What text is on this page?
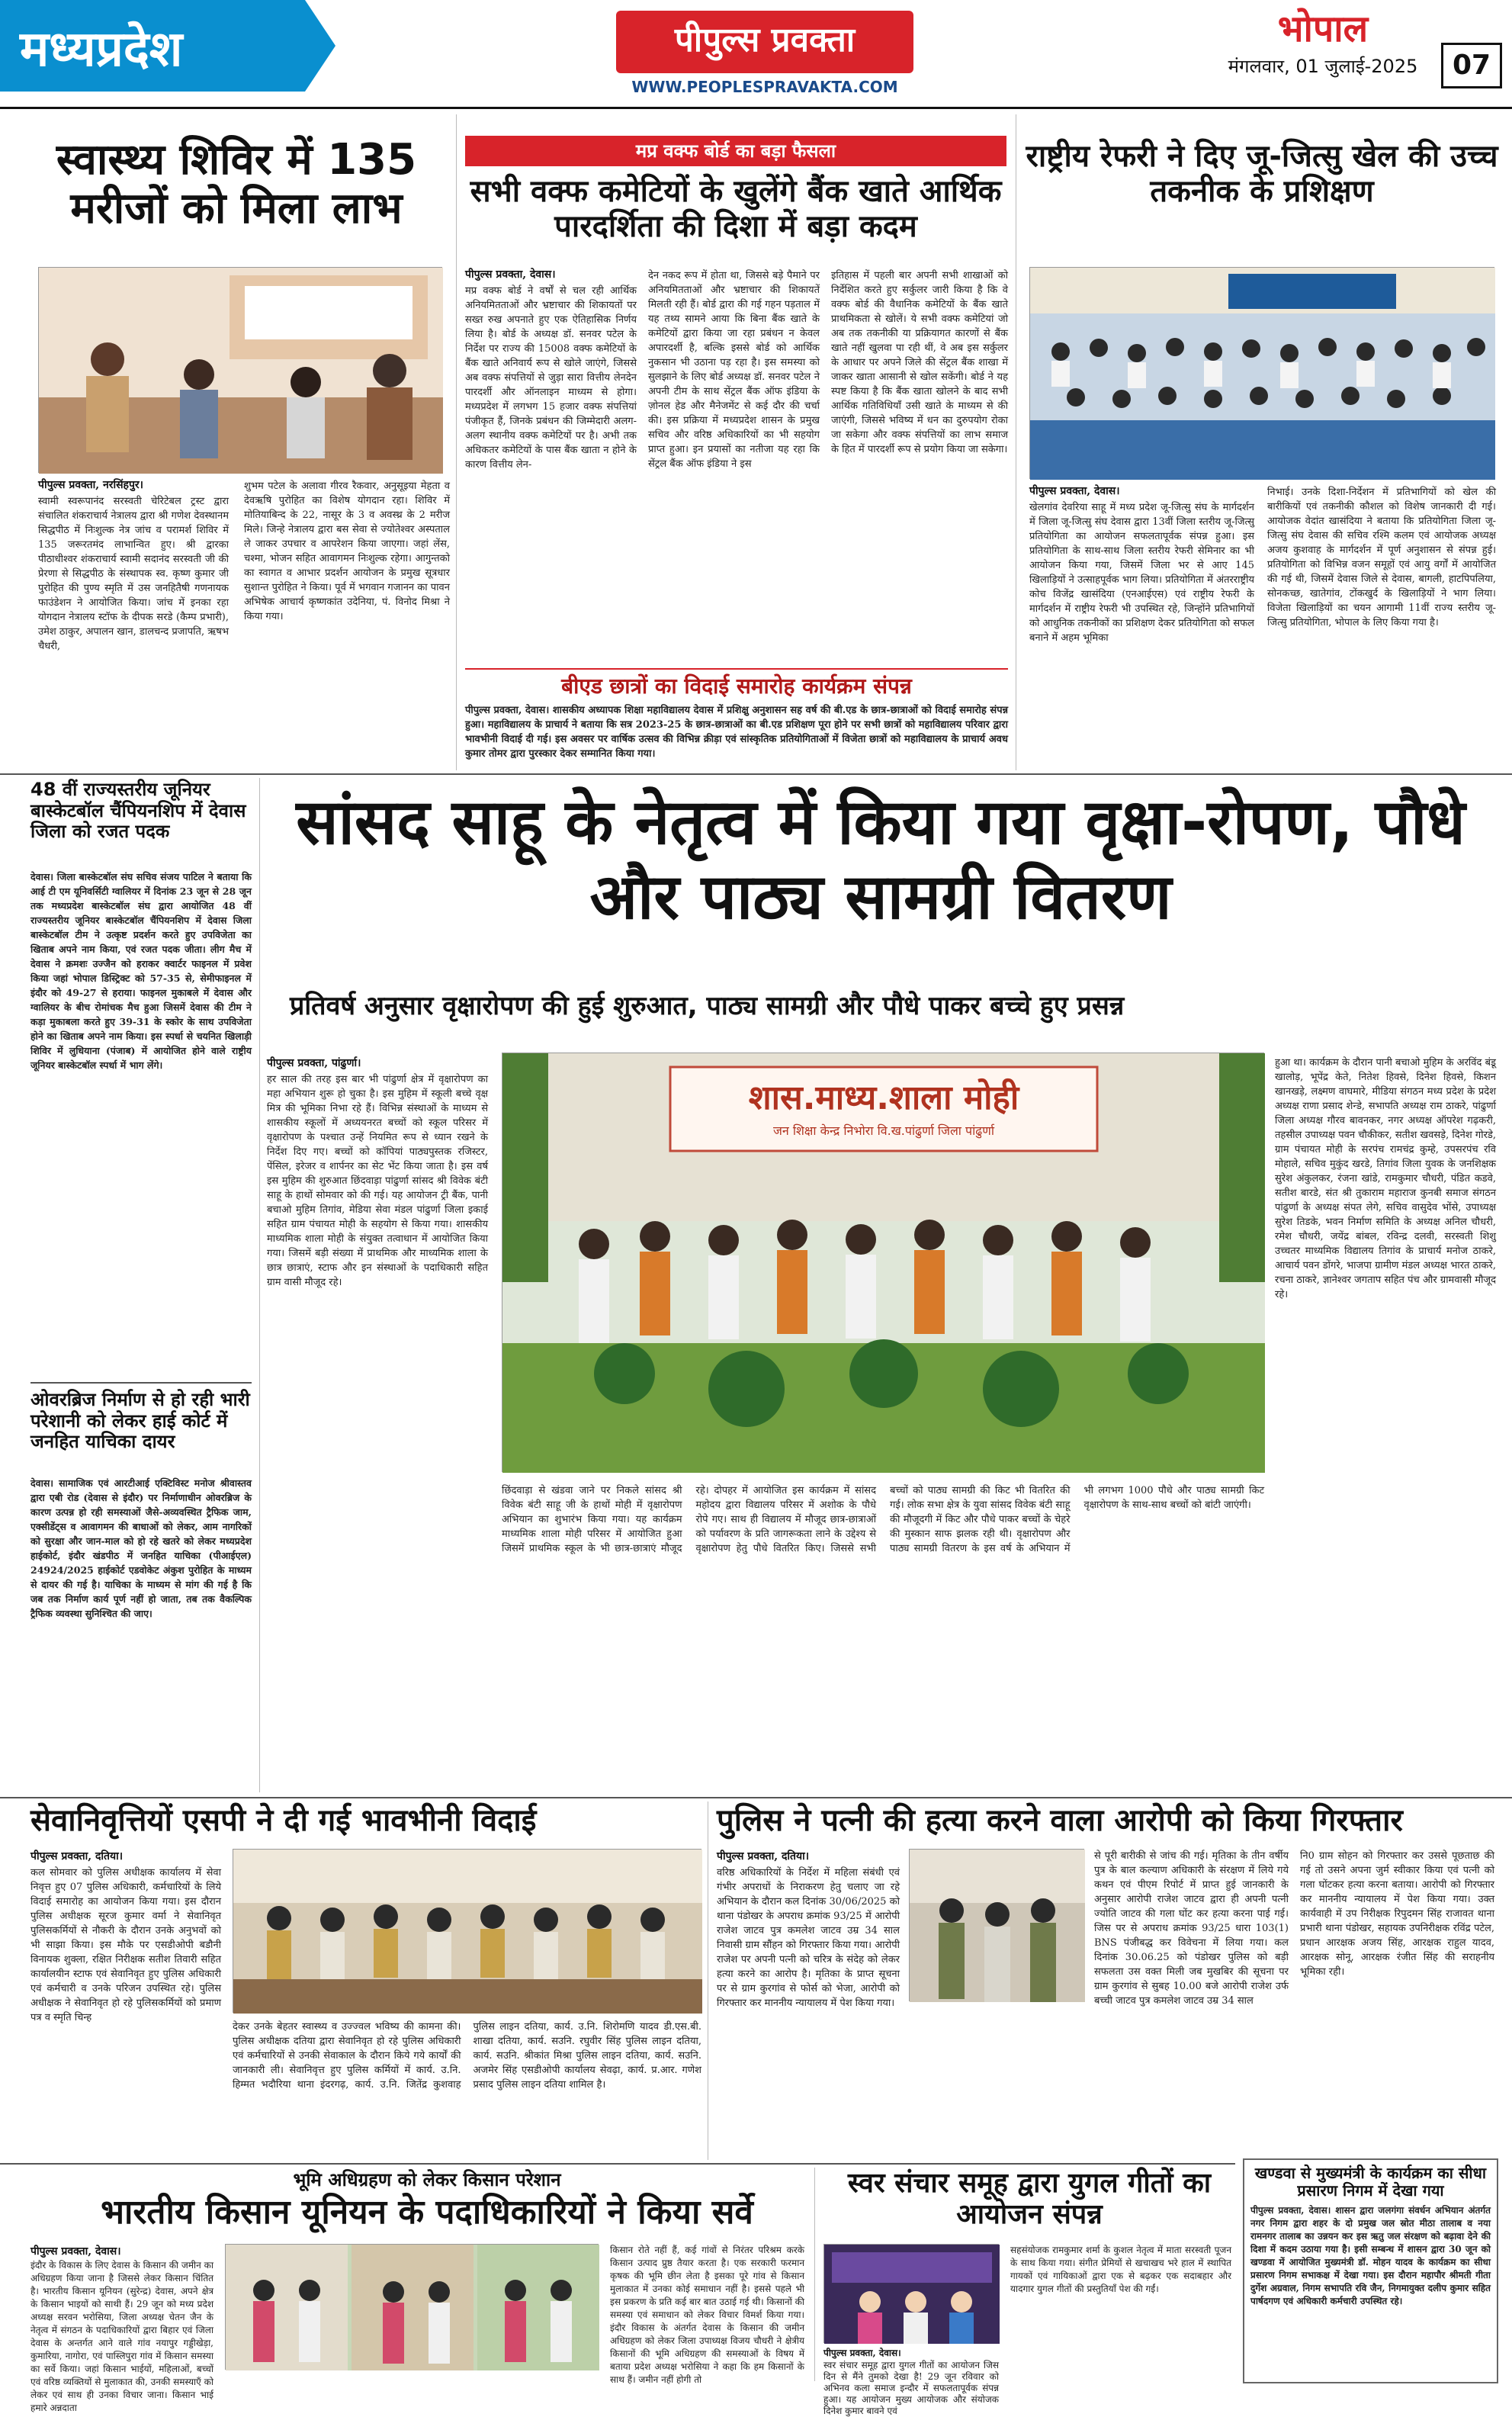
मध्यप्रदेश	पीपुल्स प्रवक्ता
WWW.PEOPLESPRAVAKTA.COM
भोपाल
मंगलवार, 01 जुलाई-2025	07
स्वास्थ्य शिविर में 135 मरीजों को मिला लाभ
पीपुल्स प्रवक्ता, नरसिंहपुर।
स्वामी स्वरूपानंद सरस्वती चेरिटेबल ट्रस्ट द्वारा संचालित शंकराचार्य नेत्रालय द्वारा श्री गणेश देवस्थानम सिद्धपीठ में निःशुल्क नेत्र जांच व परामर्श शिविर में 135 जरूरतमंद लाभान्वित हुए। श्री द्वारका पीठाधीश्वर शंकराचार्य स्वामी सदानंद सरस्वती जी की प्रेरणा से सिद्धपीठ के संस्थापक स्व. कृष्ण कुमार जी पुरोहित की पुण्य स्मृति में उस जनहितैषी गणनायक फाउंडेशन ने आयोजित किया। जांच में इनका रहा योगदान नेत्रालय स्टॉफ के दीपक सरडे (कैम्प प्रभारी), उमेश ठाकुर, अपालन खान, डालचन्द प्रजापति, ऋषभ चैधरी,
शुभम पटेल के अलावा गीरव रैकवार, अनुसूइया मेहता व देवऋषि पुरोहित का विशेष योगदान रहा। शिविर में मोतियाबिन्द के 22, नासूर के 3 व अवस्थ्र के 2 मरीज मिले। जिन्हे नेत्रालय द्वारा बस सेवा से ज्योतेश्वर अस्पताल ले जाकर उपचार व आपरेशन किया जाएगा। जहां लेंस, चश्मा, भोजन सहित आवागमन निःशुल्क रहेगा। आगुन्तको का स्वागत व आभार प्रदर्शन आयोजन के प्रमुख सूत्रधार सुशान्त पुरोहित ने किया। पूर्व में भगवान गजानन का पावन अभिषेक आचार्य कृष्णकांत उदेनिया, पं. विनोद मिश्रा ने किया गया।
मप्र वक्फ बोर्ड का बड़ा फैसला
सभी वक्फ कमेटियों के खुलेंगे बैंक खाते आर्थिक पारदर्शिता की दिशा में बड़ा कदम
पीपुल्स प्रवक्ता, देवास।
मप्र वक्फ बोर्ड ने वर्षों से चल रही आर्थिक अनियमितताओं और भ्रष्टाचार की शिकायतों पर सख्त रुख अपनाते हुए एक ऐतिहासिक निर्णय लिया है। बोर्ड के अध्यक्ष डॉ. सनवर पटेल के निर्देश पर राज्य की 15008 वक्फ कमेटियों के बैंक खाते अनिवार्य रूप से खोले जाएंगे, जिससे अब वक्फ संपत्तियों से जुड़ा सारा वित्तीय लेनदेन पारदर्शी और ऑनलाइन माध्यम से होगा। मध्यप्रदेश में लगभग 15 हजार वक्फ संपत्तियां पंजीकृत हैं, जिनके प्रबंधन की जिम्मेदारी अलग-अलग स्थानीय वक्फ कमेटियों पर है। अभी तक अधिकतर कमेटियों के पास बैंक खाता न होने के कारण वित्तीय लेन-
देन नकद रूप में होता था, जिससे बड़े पैमाने पर अनियमितताओं और भ्रष्टाचार की शिकायतें मिलती रही हैं। बोर्ड द्वारा की गई गहन पड़ताल में यह तथ्य सामने आया कि बिना बैंक खाते के कमेटियों द्वारा किया जा रहा प्रबंधन न केवल अपारदर्शी है, बल्कि इससे बोर्ड को आर्थिक नुकसान भी उठाना पड़ रहा है। इस समस्या को सुलझाने के लिए बोर्ड अध्यक्ष डॉ. सनवर पटेल ने अपनी टीम के साथ सेंट्रल बैंक ऑफ इंडिया के ज़ोनल हेड और मैनेजमेंट से कई दौर की चर्चा की। इस प्रक्रिया में मध्यप्रदेश शासन के प्रमुख सचिव और वरिष्ठ अधिकारियों का भी सहयोग प्राप्त हुआ। इन प्रयासों का नतीजा यह रहा कि सेंट्रल बैंक ऑफ इंडिया ने इस
इतिहास में पहली बार अपनी सभी शाखाओं को निर्देशित करते हुए सर्कुलर जारी किया है कि वे वक्फ बोर्ड की वैधानिक कमेटियों के बैंक खाते प्राथमिकता से खोलें। ये सभी वक्फ कमेटियां जो अब तक तकनीकी या प्रक्रियागत कारणों से बैंक खाते नहीं खुलवा पा रही थीं, वे अब इस सर्कुलर के आधार पर अपने जिले की सेंट्रल बैंक शाखा में जाकर खाता आसानी से खोल सकेंगी। बोर्ड ने यह स्पष्ट किया है कि बैंक खाता खोलने के बाद सभी आर्थिक गतिविधियाँ उसी खाते के माध्यम से की जाएंगी, जिससे भविष्य में धन का दुरुपयोग रोका जा सकेगा और वक्फ संपत्तियों का लाभ समाज के हित में पारदर्शी रूप से प्रयोग किया जा सकेगा।
बीएड छात्रों का विदाई समारोह कार्यक्रम संपन्न
पीपुल्स प्रवक्ता, देवास। शासकीय अध्यापक शिक्षा महाविद्यालय देवास में प्रशिक्षु अनुशासन सह वर्ष की बी.एड के छात्र-छात्राओं को विदाई समारोह संपन्न हुआ। महाविद्यालय के प्राचार्य ने बताया कि सत्र 2023-25 के छात्र-छात्राओं का बी.एड प्रशिक्षण पूरा होने पर सभी छात्रों को महाविद्यालय परिवार द्वारा भावभीनी विदाई दी गई। इस अवसर पर वार्षिक उत्सव की विभिन्न क्रीड़ा एवं सांस्कृतिक प्रतियोगिताओं में विजेता छात्रों को महाविद्यालय के प्राचार्य अवध कुमार तोमर द्वारा पुरस्कार देकर सम्मानित किया गया।
राष्ट्रीय रेफरी ने दिए जू-जित्सु खेल की उच्च तकनीक के प्रशिक्षण
पीपुल्स प्रवक्ता, देवास।
खेलगांव देवरिया साहू में मध्य प्रदेश जू-जित्सु संघ के मार्गदर्शन में जिला जू-जित्सु संघ देवास द्वारा 13वीं जिला स्तरीय जू-जित्सु प्रतियोगिता का आयोजन सफलतापूर्वक संपन्न हुआ। इस प्रतियोगिता के साथ-साथ जिला स्तरीय रेफरी सेमिनार का भी आयोजन किया गया, जिसमें जिला भर से आए 145 खिलाड़ियों ने उत्साहपूर्वक भाग लिया। प्रतियोगिता में अंतरराष्ट्रीय कोच विजेंद्र खासंदिया (एनआईएस) एवं राष्ट्रीय रेफरी के मार्गदर्शन में राष्ट्रीय रेफरी भी उपस्थित रहे, जिन्होंने प्रतिभागियों को आधुनिक तकनीकों का प्रशिक्षण देकर प्रतियोगिता को सफल बनाने में अहम भूमिका
निभाई। उनके दिशा-निर्देशन में प्रतिभागियों को खेल की बारीकियों एवं तकनीकी कौशल को विशेष जानकारी दी गई। आयोजक वेदांत खासंदिया ने बताया कि प्रतियोगिता जिला जू-जित्सु संघ देवास की सचिव रश्मि कलम एवं आयोजक अध्यक्ष अजय कुशवाह के मार्गदर्शन में पूर्ण अनुशासन से संपन्न हुई। प्रतियोगिता को विभिन्न वजन समूहों एवं आयु वर्गों में आयोजित की गई थी, जिसमें देवास जिले से देवास, बागली, हाटपिपलिया, सोनकच्छ, खातेगांव, टोंकखुर्द के खिलाड़ियों ने भाग लिया। विजेता खिलाड़ियों का चयन आगामी 11वीं राज्य स्तरीय जू-जित्सु प्रतियोगिता, भोपाल के लिए किया गया है।
48 वीं राज्यस्तरीय जूनियर बास्केटबॉल चैंपियनशिप में देवास जिला को रजत पदक
देवास। जिला बास्केटबॉल संघ सचिव संजय पाटिल ने बताया कि आई टी एम यूनिवर्सिटी ग्वालियर में दिनांक 23 जून से 28 जून तक मध्यप्रदेश बास्केटबॉल संघ द्वारा आयोजित 48 वीं राज्यस्तरीय जूनियर बास्केटबॉल चैंपियनशिप में देवास जिला बास्केटबॉल टीम ने उत्कृष्ट प्रदर्शन करते हुए उपविजेता का खिताब अपने नाम किया, एवं रजत पदक जीता। लीग मैच में देवास ने क्रमशः उज्जैन को हराकर क्वार्टर फाइनल में प्रवेश किया जहां भोपाल डिस्ट्रिक्ट को 57-35 से, सेमीफाइनल में इंदौर को 49-27 से हराया। फाइनल मुकाबले में देवास और ग्वालियर के बीच रोमांचक मैच हुआ जिसमें देवास की टीम ने कड़ा मुकाबला करते हुए 39-31 के स्कोर के साथ उपविजेता होने का खिताब अपने नाम किया। इस स्पर्धा से चयनित खिलाड़ी शिविर में लुधियाना (पंजाब) में आयोजित होने वाले राष्ट्रीय जूनियर बास्केटबॉल स्पर्धा में भाग लेंगे।
ओवरब्रिज निर्माण से हो रही भारी परेशानी को लेकर हाई कोर्ट में जनहित याचिका दायर
देवास। सामाजिक एवं आरटीआई एक्टिविस्ट मनोज श्रीवास्तव द्वारा एबी रोड (देवास से इंदौर) पर निर्माणाधीन ओवरब्रिज के कारण उत्पन्न हो रही समस्याओं जैसे-अव्यवस्थित ट्रैफिक जाम, एक्सीडेंट्स व आवागमन की बाधाओं को लेकर, आम नागरिकों को सुरक्षा और जान-माल को हो रहे खतरे को लेकर मध्यप्रदेश हाईकोर्ट, इंदौर खंडपीठ में जनहित याचिका (पीआईएल) 24924/2025 हाईकोर्ट एडवोकेट अंकुश पुरोहित के माध्यम से दायर की गई है। याचिका के माध्यम से मांग की गई है कि जब तक निर्माण कार्य पूर्ण नहीं हो जाता, तब तक वैकल्पिक ट्रैफिक व्यवस्था सुनिश्चित की जाए।
सांसद साहू के नेतृत्व में किया गया वृक्षा-रोपण, पौधे और पाठ्य सामग्री वितरण
प्रतिवर्ष अनुसार वृक्षारोपण की हुई शुरुआत, पाठ्य सामग्री और पौधे पाकर बच्चे हुए प्रसन्न
पीपुल्स प्रवक्ता, पांढुर्णा।
हर साल की तरह इस बार भी पांढुर्णा क्षेत्र में वृक्षारोपण का महा अभियान शुरू हो चुका है। इस मुहिम में स्कूली बच्चे वृक्ष मित्र की भूमिका निभा रहे हैं। विभिन्न संस्थाओं के माध्यम से शासकीय स्कूलों में अध्ययनरत बच्चों को स्कूल परिसर में वृक्षारोपण के पश्चात उन्हें नियमित रूप से ध्यान रखने के निर्देश दिए गए। बच्चों को कॉपियां पाठ्यपुस्तक रजिस्टर, पेंसिल, इरेजर व शार्पनर का सेट भेंट किया जाता है। इस वर्ष इस मुहिम की शुरुआत छिंदवाड़ा पांढुर्णा सांसद श्री विवेक बंटी साहू के हाथों सोमवार को की गई। यह आयोजन ट्री बैंक, पानी बचाओ मुहिम तिगांव, मेडिया सेवा मंडल पांढुर्णा जिला इकाई सहित ग्राम पंचायत मोही के सहयोग से किया गया। शासकीय माध्यमिक शाला मोही के संयुक्त तत्वाधान में आयोजित किया गया। जिसमें बड़ी संख्या में प्राथमिक और माध्यमिक शाला के छात्र छात्राएं, स्टाफ और इन संस्थाओं के पदाधिकारी सहित ग्राम वासी मौजूद रहे।
शास.माध्य.शाला मोही
जन शिक्षा केन्द्र निभोरा वि.ख.पांढुर्णा जिला पांढुर्णा
छिंदवाड़ा से खंडवा जाने पर निकले सांसद श्री विवेक बंटी साहू जी के हाथों मोही में वृक्षारोपण अभियान का शुभारंभ किया गया। यह कार्यक्रम माध्यमिक शाला मोही परिसर में आयोजित हुआ जिसमें प्राथमिक स्कूल के भी छात्र-छात्राएं मौजूद रहे। दोपहर में आयोजित इस कार्यक्रम में सांसद महोदय द्वारा विद्यालय परिसर में अशोक के पौधे रोपे गए। साथ ही विद्यालय में मौजूद छात्र-छात्राओं को पर्यावरण के प्रति जागरूकता लाने के उद्देश्य से वृक्षारोपण हेतु पौधे वितरित किए। जिससे सभी बच्चों को पाठ्य सामग्री की किट भी वितरित की गई। लोक सभा क्षेत्र के युवा सांसद विवेक बंटी साहू की मौजूदगी में किट और पौधे पाकर बच्चों के चेहरे की मुस्कान साफ झलक रही थी। वृक्षारोपण और पाठ्य सामग्री वितरण के इस वर्ष के अभियान में भी लगभग 1000 पौधे और पाठ्य सामग्री किट वृक्षारोपण के साथ-साथ बच्चों को बांटी जाएंगी।
हुआ था। कार्यक्रम के दौरान पानी बचाओ मुहिम के अरविंद बंडू खालोड़, भूपेंद्र केते, नितेश हिवसे, दिनेश हिवसे, किशन खानखड़े, लक्ष्मण वाघमारे, मीडिया संगठन मध्य प्रदेश के प्रदेश अध्यक्ष राणा प्रसाद शेन्डे, सभापति अध्यक्ष राम ठाकरे, पांढुर्णा जिला अध्यक्ष गौरव बावनकर, नगर अध्यक्ष ऑपरेश गढ़करी, तहसील उपाध्यक्ष पवन चौकीकर, सतीश खवसड़े, दिनेश गोरडे, ग्राम पंचायत मोही के सरपंच रामचंद्र कुम्हे, उपसरपंच रवि मोहाले, सचिव मुकुंद खरडे, तिगांव जिला युवक के जनशिक्षक सुरेश अंकुलकर, रंजना खांडे, रामकुमार चौधरी, पंडित कडवे, सतीश बारडे, संत श्री तुकाराम महाराज कुनबी समाज संगठन पांढुर्णा के अध्यक्ष संपत लेगे, सचिव वासुदेव भोंसे, उपाध्यक्ष सुरेश तिडके, भवन निर्माण समिति के अध्यक्ष अनिल चौधरी, रमेश चौधरी, जयेंद्र बांबल, रविन्द्र दलवी, सरस्वती शिशु उच्चतर माध्यमिक विद्यालय तिगांव के प्राचार्य मनोज ठाकरे, आचार्य पवन डोंगरे, भाजपा ग्रामीण मंडल अध्यक्ष भारत ठाकरे, रचना ठाकरे, ज्ञानेश्वर जगताप सहित पंच और ग्रामवासी मौजूद रहे।
सेवानिवृत्तियों एसपी ने दी गई भावभीनी विदाई
पीपुल्स प्रवक्ता, दतिया।
कल सोमवार को पुलिस अधीक्षक कार्यालय में सेवा निवृत्त हुए 07 पुलिस अधिकारी, कर्मचारियों के लिये विदाई समारोह का आयोजन किया गया। इस दौरान पुलिस अधीक्षक सूरज कुमार वर्मा ने सेवानिवृत पुलिसकर्मियों से नौकरी के दौरान उनके अनुभवों को भी साझा किया। इस मौके पर एसडीओपी बडौनी विनायक शुक्ला, रक्षित निरीक्षक सतीश तिवारी सहित कार्यालयीन स्टाफ एवं सेवानिवृत हुए पुलिस अधिकारी एवं कर्मचारी व उनके परिजन उपस्थित रहे। पुलिस अधीक्षक ने सेवानिवृत हो रहे पुलिसकर्मियों को प्रमाण पत्र व स्मृति चिन्ह
देकर उनके बेहतर स्वास्थ्य व उज्ज्वल भविष्य की कामना की। पुलिस अधीक्षक दतिया द्वारा सेवानिवृत हो रहे पुलिस अधिकारी एवं कर्मचारियों से उनकी सेवाकाल के दौरान किये गये कार्यों की जानकारी ली। सेवानिवृत्त हुए पुलिस कर्मियों में कार्य. उ.नि. हिम्मत भदौरिया थाना इंदरगढ़, कार्य. उ.नि. जितेंद्र कुशवाह पुलिस लाइन दतिया, कार्य. उ.नि. शिरोमणि यादव डी.एस.बी. शाखा दतिया, कार्य. सउनि. रघुवीर सिंह पुलिस लाइन दतिया, कार्य. सउनि. श्रीकांत मिश्रा पुलिस लाइन दतिया, कार्य. सउनि. अजमेर सिंह एसडीओपी कार्यालय सेवढ़ा, कार्य. प्र.आर. गणेश प्रसाद पुलिस लाइन दतिया शामिल है।
पुलिस ने पत्नी की हत्या करने वाला आरोपी को किया गिरफ्तार
पीपुल्स प्रवक्ता, दतिया।
वरिष्ठ अधिकारियों के निर्देश में महिला संबंधी एवं गंभीर अपराधों के निराकरण हेतु चलाए जा रहे अभियान के दौरान कल दिनांक 30/06/2025 को थाना पंडोखर के अपराध क्रमांक 93/25 में आरोपी राजेश जाटव पुत्र कमलेश जाटव उम्र 34 साल निवासी ग्राम सौंहन को गिरफ्तार किया गया। आरोपी राजेश पर अपनी पत्नी को चरित्र के संदेह को लेकर हत्या करने का आरोप है। मृतिका के प्राप्त सूचना पर से ग्राम कुरगांव से फोर्स को भेजा, आरोपी को गिरफ्तार कर माननीय न्यायालय में पेश किया गया।
से पूरी बारीकी से जांच की गई। मृतिका के तीन वर्षीय पुत्र के बाल कल्याण अधिकारी के संरक्षण में लिये गये कथन एवं पीएम रिपोर्ट में प्राप्त हुई जानकारी के अनुसार आरोपी राजेश जाटव द्वारा ही अपनी पत्नी ज्योति जाटव की गला घोंट कर हत्या करना पाई गई। जिस पर से अपराध क्रमांक 93/25 धारा 103(1) BNS पंजीबद्ध कर विवेचना में लिया गया। कल दिनांक 30.06.25 को पंडोखर पुलिस को बड़ी सफलता उस वक्त मिली जब मुखबिर की सूचना पर ग्राम कुरगांव से सुबह 10.00 बजे आरोपी राजेश उर्फ बच्ची जाटव पुत्र कमलेश जाटव उम्र 34 साल
नि0 ग्राम सोहन को गिरफ्तार कर उससे पूछताछ की गई तो उसने अपना जुर्म स्वीकार किया एवं पत्नी को गला घोंटकर हत्या करना बताया। आरोपी को गिरफ्तार कर माननीय न्यायालय में पेश किया गया। उक्त कार्यवाही में उप निरीक्षक रिपुदमन सिंह राजावत थाना प्रभारी थाना पंडोखर, सहायक उपनिरीक्षक रविंद्र पटेल, प्रधान आरक्षक अजय सिंह, आरक्षक राहुल यादव, आरक्षक सोनू, आरक्षक रंजीत सिंह की सराहनीय भूमिका रही।
भूमि अधिग्रहण को लेकर किसान परेशान
भारतीय किसान यूनियन के पदाधिकारियों ने किया सर्वे
पीपुल्स प्रवक्ता, देवास।
इंदौर के विकास के लिए देवास के किसान की जमीन का अधिग्रहण किया जाना है जिससे लेकर किसान चिंतित है। भारतीय किसान यूनियन (सुरेन्द्र) देवास, अपने क्षेत्र के किसान भाइयों को साथी हैं। 29 जून को मध्य प्रदेश अध्यक्ष सरवन भरोसिया, जिला अध्यक्ष चेतन जैन के नेतृत्व में संगठन के पदाधिकारियों द्वारा बिहार एवं जिला देवास के अन्तर्गत आने वाले गांव नयापुर गड्डीखेड़ा, कुमारिया, नागोरा, एवं पास्लिपुरा गांव में किसान समस्या का सर्वे किया। जहां किसान भाईयों, महिलाओं, बच्चों एवं वरिष्ठ व्यक्तियों से मुलाकात की, उनकी समस्याएँ को लेकर एवं साथ ही उनका विचार जाना। किसान भाई हमारे अन्नदाता
किसान रोते नहीं हैं, कई गांवों से निरंतर परिश्रम करके किसान उत्पाद प्रुष्ठ तैयार करता है। एक सरकारी फरमान कृषक की भूमि छीन लेता है इसका पूरे गांव से किसान मुलाकात में उनका कोई समाधान नहीं है। इससे पहले भी इस प्रकरण के प्रति कई बार बात उठाई गई थी। किसानों की समस्या एवं समाधान को लेकर विचार विमर्श किया गया। इंदौर विकास के अंतर्गत देवास के किसान की जमीन अधिग्रहण को लेकर जिला उपाध्यक्ष विजय चौधरी ने क्षेत्रीय किसानों की भूमि अधिग्रहण की समस्याओं के विषय में बताया प्रदेश अध्यक्ष भरोसिया ने कहा कि हम किसानों के साथ हैं। जमीन नहीं होगी तो
स्वर संचार समूह द्वारा युगल गीतों का आयोजन संपन्न
पीपुल्स प्रवक्ता, देवास।
स्वर संचार समूह द्वारा युगल गीतों का आयोजन जिस दिन से मैंने तुमको देखा है! 29 जून रविवार को अभिनव कला समाज इन्दौर में सफलतापूर्वक संपन्न हुआ। यह आयोजन मुख्य आयोजक और संयोजक दिनेश कुमार बावने एवं
सहसंयोजक रामकुमार शर्मा के कुशल नेतृत्व में माता सरस्वती पूजन के साथ किया गया। संगीत प्रेमियों से खचाखच भरे हाल में स्थापित गायकों एवं गायिकाओं द्वारा एक से बढ़कर एक सदाबहार और यादगार युगल गीतों की प्रस्तुतियाँ पेश की गईं।
खण्डवा से मुख्यमंत्री के कार्यक्रम का सीधा प्रसारण निगम में देखा गया
पीपुल्स प्रवक्ता, देवास। शासन द्वारा जलगंगा संवर्धन अभियान अंतर्गत नगर निगम द्वारा शहर के दो प्रमुख जल स्रोत मीठा तालाब व नया रामनगर तालाब का उन्नयन कर इस ऋतु जल संरक्षण को बढ़ावा देने की दिशा में कदम उठाया गया है। इसी सम्बन्ध में शासन द्वारा 30 जून को खण्डवा में आयोजित मुख्यमंत्री डॉ. मोहन यादव के कार्यक्रम का सीधा प्रसारण निगम सभाकक्ष में देखा गया। इस दौरान महापौर श्रीमती गीता दुर्गेश अग्रवाल, निगम सभापति रवि जैन, निगमायुक्त दलीप कुमार सहित पार्षदगण एवं अधिकारी कर्मचारी उपस्थित रहे।
